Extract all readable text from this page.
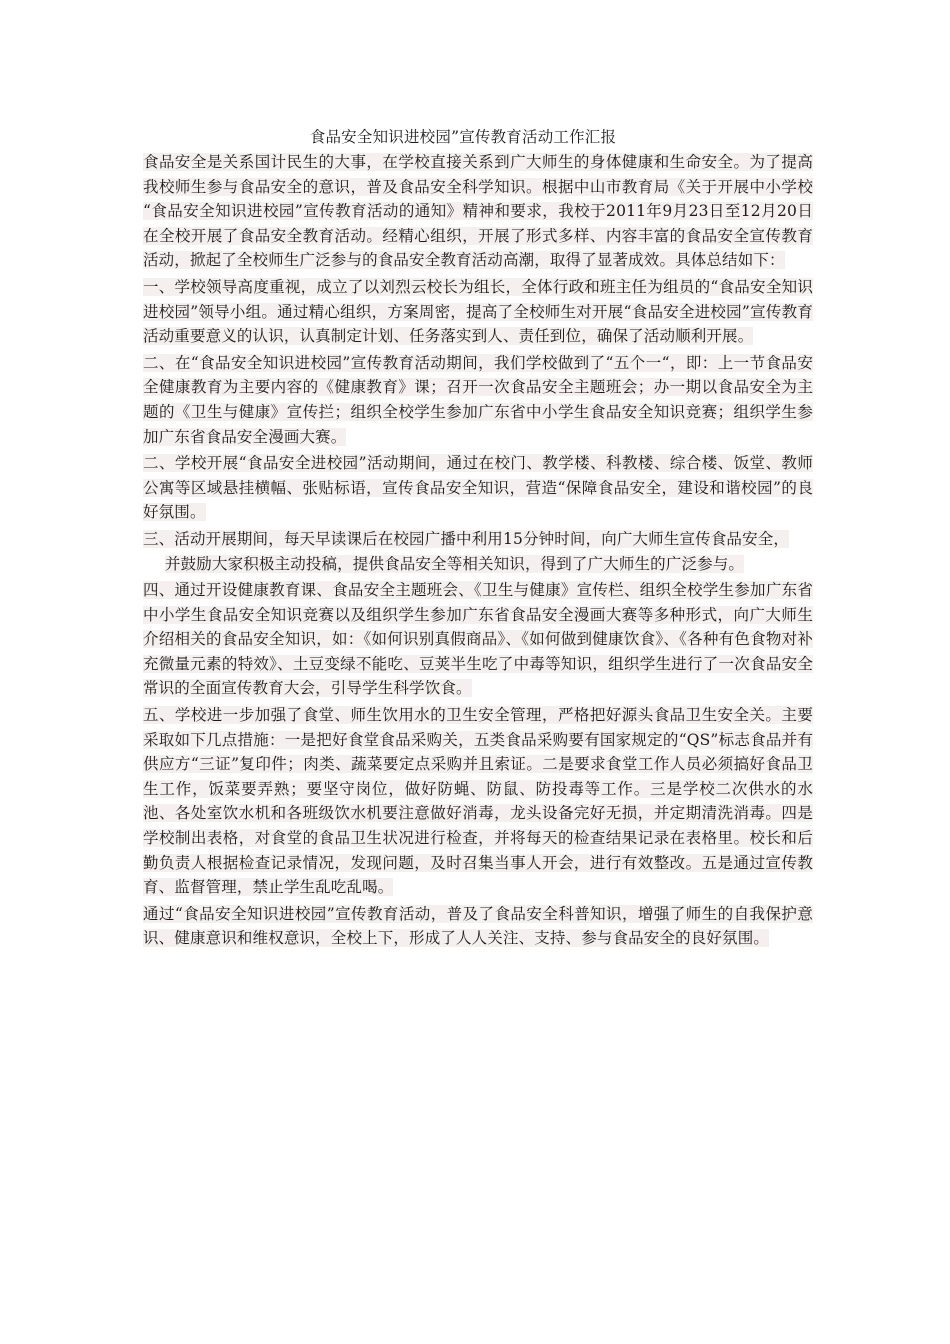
食品安全知识进校园”宣传教育活动工作汇报

食品安全是关系国计民生的大事，在学校直接关系到广大师生的身体健康和生命安全。为了提高我校师生参与食品安全的意识，普及食品安全科学知识。根据中山市教育局《关于开展中小学校 “食品安全知识进校园”宣传教育活动的通知》精神和要求，我校于2011年9月23日至12月20日在全校开展了食品安全教育活动。经精心组织，开展了形式多样、内容丰富的食品安全宣传教育活动，掀起了全校师生广泛参与的食品安全教育活动高潮，取得了显著成效。具体总结如下：

一、学校领导高度重视，成立了以刘烈云校长为组长，全体行政和班主任为组员的“食品安全知识进校园”领导小组。通过精心组织，方案周密，提高了全校师生对开展“食品安全进校园”宣传教育活动重要意义的认识，认真制定计划、任务落实到人、责任到位，确保了活动顺利开展。

二、在“食品安全知识进校园”宣传教育活动期间，我们学校做到了“五个一“，即：上一节食品安全健康教育为主要内容的《健康教育》课；召开一次食品安全主题班会；办一期以食品安全为主题的《卫生与健康》宣传拦；组织全校学生参加广东省中小学生食品安全知识竞赛；组织学生参加广东省食品安全漫画大赛。

二、学校开展“食品安全进校园”活动期间，通过在校门、教学楼、科教楼、综合楼、饭堂、教师公寓等区域悬挂横幅、张贴标语，宣传食品安全知识，营造“保障食品安全，建设和谐校园”的良好氛围。

三、活动开展期间，每天早读课后在校园广播中利用15分钟时间，向广大师生宣传食品安全，
并鼓励大家积极主动投稿，提供食品安全等相关知识，得到了广大师生的广泛参与。

四、通过开设健康教育课、食品安全主题班会、《卫生与健康》宣传栏、组织全校学生参加广东省中小学生食品安全知识竞赛以及组织学生参加广东省食品安全漫画大赛等多种形式，向广大师生介绍相关的食品安全知识，如：《如何识别真假商品》、《如何做到健康饮食》、《各种有色食物对补充微量元素的特效》、土豆变绿不能吃、豆荚半生吃了中毒等知识，组织学生进行了一次食品安全常识的全面宣传教育大会，引导学生科学饮食。

五、学校进一步加强了食堂、师生饮用水的卫生安全管理，严格把好源头食品卫生安全关。主要采取如下几点措施：一是把好食堂食品采购关，五类食品采购要有国家规定的“QS”标志食品并有供应方“三证”复印件；肉类、蔬菜要定点采购并且索证。二是要求食堂工作人员必须搞好食品卫生工作，饭菜要弄熟；要坚守岗位，做好防蝇、防鼠、防投毒等工作。三是学校二次供水的水池、各处室饮水机和各班级饮水机要注意做好消毒，龙头设备完好无损，并定期清洗消毒。四是学校制出表格，对食堂的食品卫生状况进行检查，并将每天的检查结果记录在表格里。校长和后勤负责人根据检查记录情况，发现问题，及时召集当事人开会，进行有效整改。五是通过宣传教育、监督管理，禁止学生乱吃乱喝。

通过“食品安全知识进校园”宣传教育活动，普及了食品安全科普知识，增强了师生的自我保护意识、健康意识和维权意识，全校上下，形成了人人关注、支持、参与食品安全的良好氛围。
